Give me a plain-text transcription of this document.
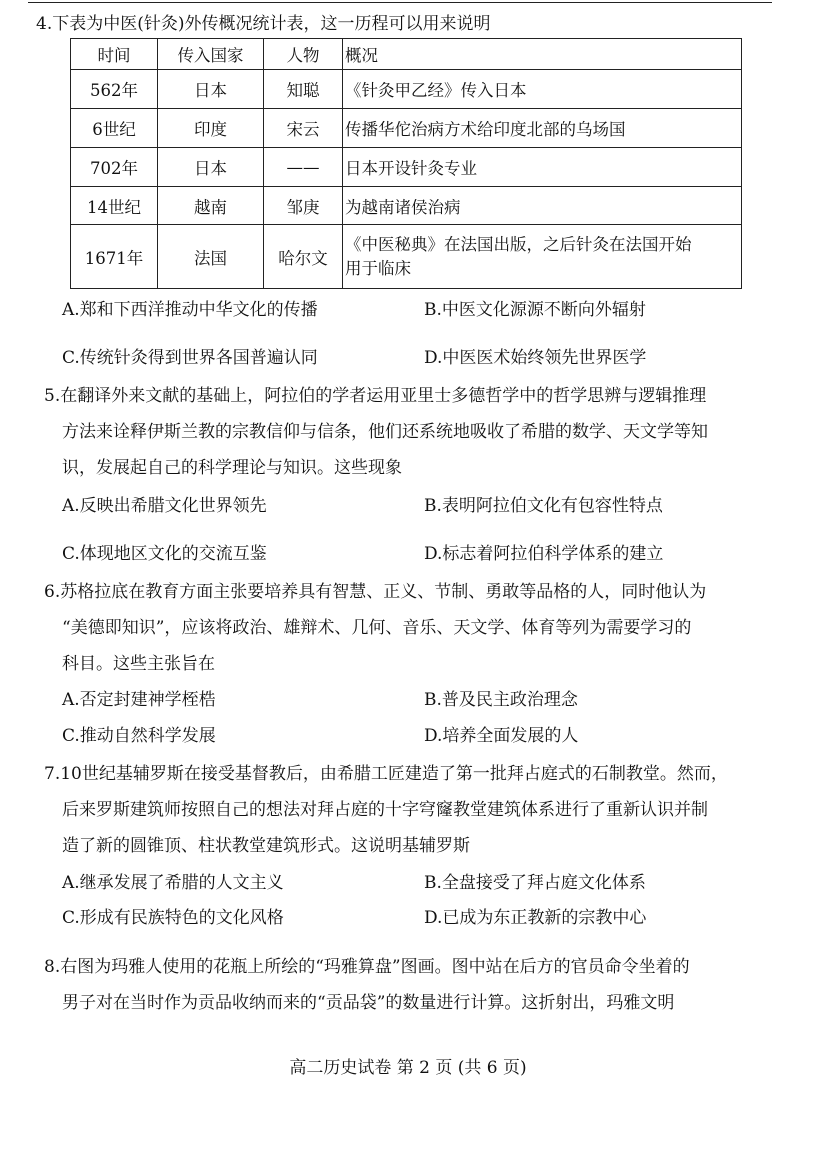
4.下表为中医(针灸)外传概况统计表，这一历程可以用来说明
时间	传入国家	人物	概况
562年	日本	知聪	《针灸甲乙经》传入日本
6世纪	印度	宋云	传播华佗治病方术给印度北部的乌场国
702年	日本	——	日本开设针灸专业
14世纪	越南	邹庚	为越南诸侯治病
1671年	法国	哈尔文	《中医秘典》在法国出版，之后针灸在法国开始
用于临床
A.郑和下西洋推动中华文化的传播	B.中医文化源源不断向外辐射
C.传统针灸得到世界各国普遍认同	D.中医医术始终领先世界医学
5.在翻译外来文献的基础上，阿拉伯的学者运用亚里士多德哲学中的哲学思辨与逻辑推理
方法来诠释伊斯兰教的宗教信仰与信条，他们还系统地吸收了希腊的数学、天文学等知
识，发展起自己的科学理论与知识。这些现象
A.反映出希腊文化世界领先	B.表明阿拉伯文化有包容性特点
C.体现地区文化的交流互鉴	D.标志着阿拉伯科学体系的建立
6.苏格拉底在教育方面主张要培养具有智慧、正义、节制、勇敢等品格的人，同时他认为
“美德即知识”，应该将政治、雄辩术、几何、音乐、天文学、体育等列为需要学习的
科目。这些主张旨在
A.否定封建神学桎梏	B.普及民主政治理念
C.推动自然科学发展	D.培养全面发展的人
7.10世纪基辅罗斯在接受基督教后，由希腊工匠建造了第一批拜占庭式的石制教堂。然而，
后来罗斯建筑师按照自己的想法对拜占庭的十字穹窿教堂建筑体系进行了重新认识并制
造了新的圆锥顶、柱状教堂建筑形式。这说明基辅罗斯
A.继承发展了希腊的人文主义	B.全盘接受了拜占庭文化体系
C.形成有民族特色的文化风格	D.已成为东正教新的宗教中心
8.右图为玛雅人使用的花瓶上所绘的“玛雅算盘”图画。图中站在后方的官员命令坐着的
男子对在当时作为贡品收纳而来的“贡品袋”的数量进行计算。这折射出，玛雅文明
高二历史试卷 第 2 页 (共 6 页)
